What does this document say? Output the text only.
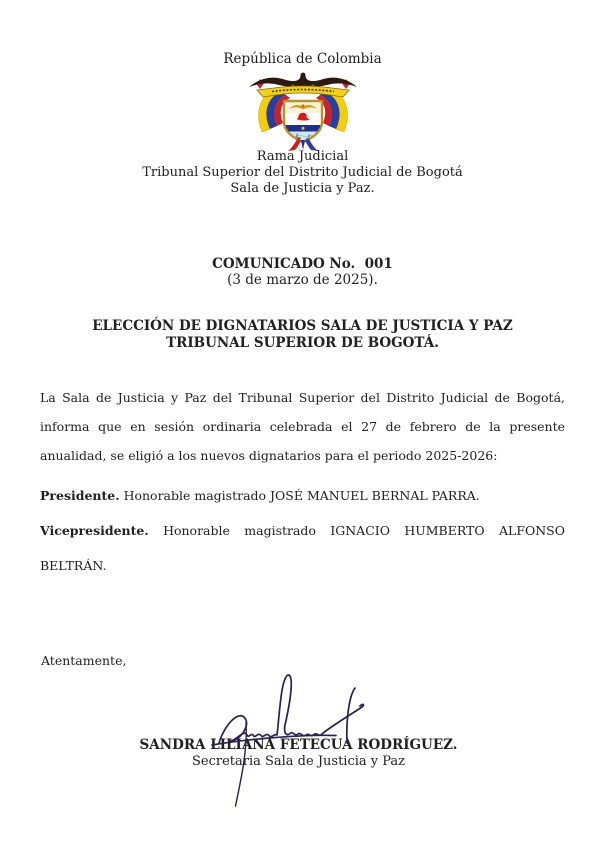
República de Colombia

Rama Judicial

Tribunal Superior del Distrito Judicial de Bogotá

Sala de Justicia y Paz.

COMUNICADO No.  001

(3 de marzo de 2025).

ELECCIÓN DE DIGNATARIOS SALA DE JUSTICIA Y PAZ

TRIBUNAL SUPERIOR DE BOGOTÁ.

La Sala de Justicia y Paz del Tribunal Superior del Distrito Judicial de Bogotá,

informa que en sesión ordinaria celebrada el 27 de febrero de la presente

anualidad, se eligió a los nuevos dignatarios para el periodo 2025-2026:

Presidente. Honorable magistrado JOSÉ MANUEL BERNAL PARRA.

Vicepresidente. Honorable magistrado IGNACIO HUMBERTO ALFONSO

BELTRÁN.

Atentamente,

SANDRA LILIANA FETECUA RODRÍGUEZ.

Secretaria Sala de Justicia y Paz
